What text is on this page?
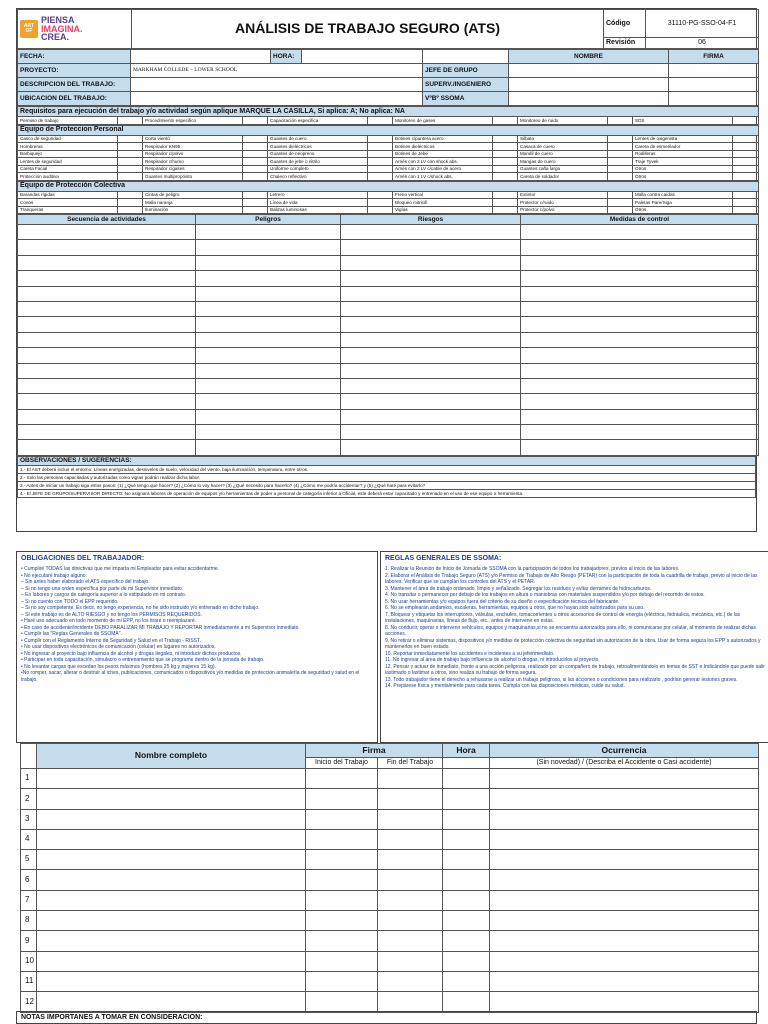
ART
OF
PIENSA
IMAGINA.
CREA.	ANÁLISIS DE TRABAJO SEGURO (ATS)	Código	31110-PG-SSO-04-F1
		Revisión	06
FECHA:		HORA:			NOMBRE	FIRMA
PROYECTO:	MARKHAM COLLEDE – LOWER SCHOOL			JEFE DE GRUPO		
DESCRIPCION DEL TRABAJO:				SUPERV./INGENIERO		
UBICACION DEL TRABAJO:				VºBº SSOMA		
Requisitos para ejecución del trabajo y/o actividad según aplique MARQUE LA CASILLA, Si aplica: A; No aplica: NA
Permiso de trabajo		Procedimiento especifico		Capacitación especifica		Monitoreo de gases		Monitoreo de ruido		SDS	
Equipo de Proteccion Personal											
Casco de seguridad		Corta viento		Guantes de cuero		Botines c/puntera acero		Silbato		Lentes de oxigenista	
Hombreras		Respirador KN95		Guantes dieléctricos		Botines dieléctricos		Casaca de cuero		Careta de esmerilador	
Barbiquejo		Respirador c/polvo		Guantes de neopreno		Botines de Jebe		Mandil de cuero		Rodilleras	
Lentes de seguridad		Respirador c/humo		Guantes de jebe o nitrilo		Arnés con 2 LV con shock abs.		Mangas de cuero		Traje Tyvek	
Careta Facial		Respirador c/gases		Uniforme completo		Arnés con 2 LV c/cable de acero		Guantes caña larga		Otros	
Protección auditiva		Guantes multipropósito		Chaleco reflectivo		Arnés con 1 LV c/shock abs.		Careta de soldador		Otros	
Equipo de Protección Colectiva											
Barandas rígidas		Cintas de peligro		Letrero		Freno vertical		Extintor		Malla contra caídas	
Conos		Malla naranja		Línea de vida		Bloqueo mitricifi		Protector c/ruido		Paletas Pare/Siga	
Tranqueras		Iluminación		Balizas luminosas		Vigías		Protector c/polvo		Otros	
Secuencia de actividades	Peligros	Riesgos	Medidas de control

OBSERVACIONES / SUGERENCIAS:
1.- El AST deberá incluir el entorno: Líneas energizadas, desniveles de suelo, velocidad del viento, baja iluminación, temperatura, entre otros.
2.- Solo las personas capacitadas y autorizadas como vigías podrán realizar dicha labor.
3.- Antes de iniciar un trabajo siga estos pasos: (1) ¿Qué tengo que hacer? (2) ¿Cómo lo voy hacer? (3) ¿Qué necesito para hacerlo? (4) ¿Cómo me podría accidentar? y (5) ¿Qué haré para evitarlo?
4.- El JEFE DE GRUPO/SUPERVISOR DIRECTO: No asignará labores de operación de equipos y/o herramientas de poder a personal de categoría inferior a Oficial, este deberá estar capacitado y entrenado en el uso de ese equipo o herramienta.
OBLIGACIONES DEL TRABAJADOR:

• Cumpliré TODAS las directivas que me imparta mi Empleador para evitar accidentarme.

• No ejecutaré trabajo alguno:

– Sin antes haber elaborado el ATS específico del trabajo.

– Si no tengo una orden específica por parte de mi Supervisor inmediato.

– En labores y cargos de categoría superior a lo estipulado en mi contrato.

– Si no cuento con TODO el EPP requerido.

– Si no soy competente: Es decir, no tengo experiencia, no he sido instruido y/o entrenado en dicho trabajo.

– Si este trabajo es de ALTO RIESGO y no tengo los PERMISOS REQUERIDOS.

• Haré uso adecuado en todo momento de mi EPP, no los tiraré o reemplazaré.

• En caso de accidente/incidente DEBO PARALIZAR MI TRABAJO Y REPORTAR inmediatamente a mi Supervisor inmediato.

• Cumplir las "Reglas Generales de SSOMA".

• Cumplir con el Reglamento Interno de Seguridad y Salud en el Trabajo - RISST.

• No usar dispositivos electrónicos de comunicación (celular) en lugares no autorizados.

• No ingresar al proyecto bajo influencia de alcohol y drogas ilegales, ni introducir dichos productos.

• Participar en toda capacitación, simulacro o entrenamiento que se programe dentro de la jornada de trabajo.

• No levantar cargas que excedan los pesos máximos (hombres 25 kg y mujeres 15 kg).

•No romper, sacar, alterar o destruir al iches, publicaciones, comunicados o dispositivos y/o medidas de protección animalería de seguridad y salud en el trabajo.

REGLAS GENERALES DE SSOMA:

1. Realizar la Reunión de Inicio de Jornada de SSOMA con la participación de todos los trabajadores, previos al inicio de las labores.

2. Elaborar el Análisis de Trabajo Seguro (ATS) y/o Permiso de Trabajo de Alto Riesgo (PETAR) con la participación de toda la cuadrilla de trabajo, previo al inicio de las labores. Verificar que se cumplan los controles del ATS y el PETAR.

3. Mantener el área de trabajo ordenado, limpio y señalizado. Segregar los residuos y evitar derrames de hidrocarburos.

4. No transitar o permanecer por debajo de los trabajos en altura o maniobras con materiales suspendidos y/o por debajo del recorrido de estos.

5. No usar herramientas y/o equipos fuera del criterio de su diseño o especificación técnica del fabricante.

6. No se emplearán andamios, escaleras, herramientas, equipos u otros, que no hayan sido autorizados para su uso.

7. Bloquear y etiquetar los interruptores, válvulas, enchufes, tomacorrientes u otros accesorios de control de energía (eléctrica, hidráulica, mecánica, etc.) de las instalaciones, maquinarias, líneas de flujo, etc., antes de intervenir en estas.

8. No conducir, operar o intervenir vehículos, equipos y maquinarias,si no se encuentra autorizados para ello, ni comunicarse por celular, al momento de realizar dichas acciones.

9. No retirar o eliminar sistemas, dispositivos y/o medidas de protección colectiva de seguridad sin autorización de la obra. Usar de forma segura los EPP´s autorizados y mantenerlos en buen estado.

10. Reportar inmediatamente los accidentes e incidentes a su jefeinmediato.

11. No ingresar al área de trabajo bajo influencia de alcohol o drogas, ni introducirlos al proyecto.

12. Pensar y actuar de inmediato, frente a una acción peligrosa, realizado por un compañero de trabajo, retroalimentándolo en temas de SST e Indicándole que puede salir lastimado o lastimar a otros, sino realiza su trabajo de forma segura.

13. Todo trabajador tiene el derecho a rehusarse a realizar un trabajo peligroso, si las acciones o condiciones para realizarlo , podrían generar lesiones graves.

14. Prepárese física y mentalmente para cada tarea. Cumpla con las disposiciones médicas, cuide su salud.

	Nombre completo	Firma		Hora	Ocurrencia
		Inicio del Trabajo	Fin del Trabajo		(Sin novedad) / (Describa el Accidente o Casi accidente)
1					
2					
3					
4					
5					
6					
7					
8					
9					
10					
11					
12					
NOTAS IMPORTANES A TOMAR EN CONSIDERACION:
